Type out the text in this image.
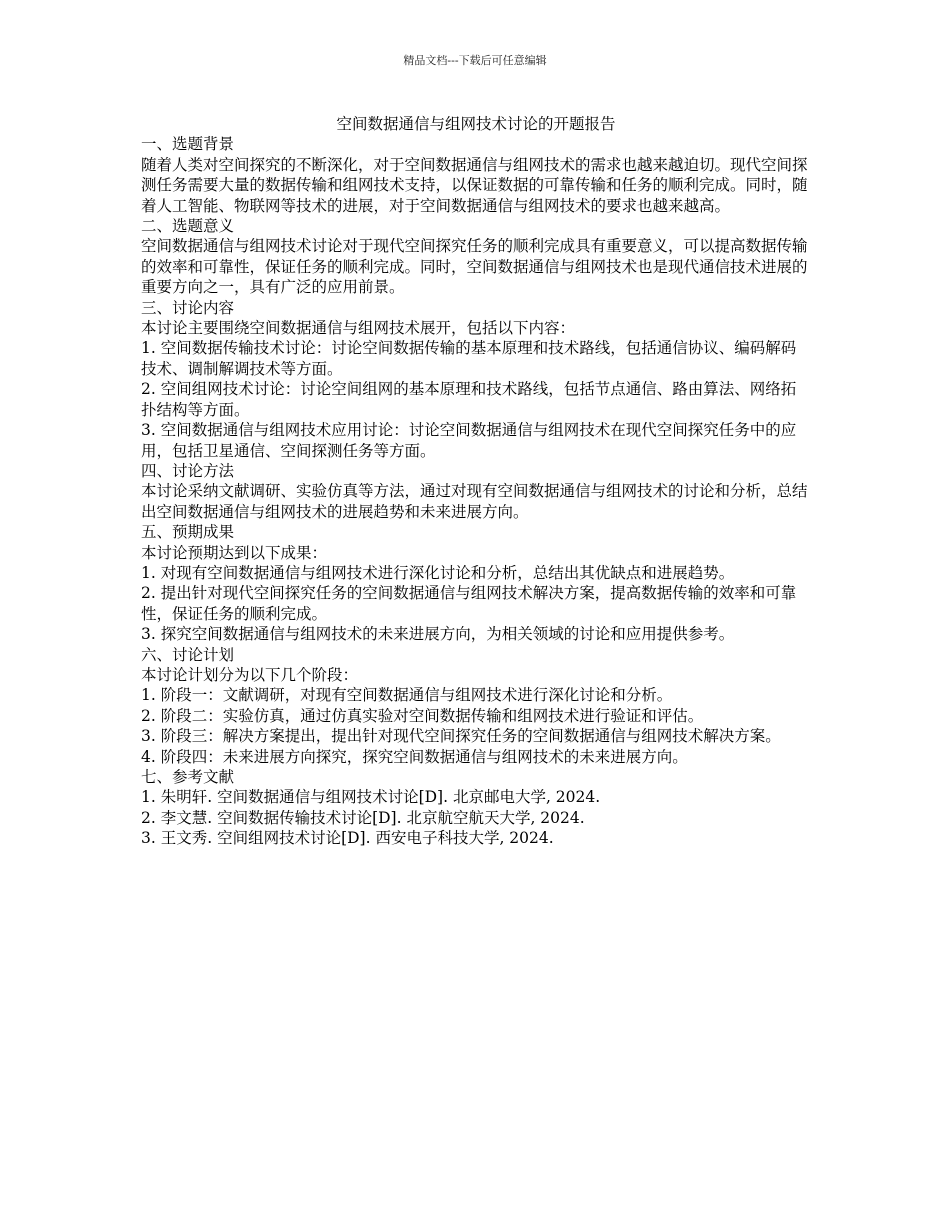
精品文档---下载后可任意编辑
空间数据通信与组网技术讨论的开题报告
一、选题背景
随着人类对空间探究的不断深化，对于空间数据通信与组网技术的需求也越来越迫切。现代空间探测任务需要大量的数据传输和组网技术支持，以保证数据的可靠传输和任务的顺利完成。同时，随着人工智能、物联网等技术的进展，对于空间数据通信与组网技术的要求也越来越高。
二、选题意义
空间数据通信与组网技术讨论对于现代空间探究任务的顺利完成具有重要意义，可以提高数据传输的效率和可靠性，保证任务的顺利完成。同时，空间数据通信与组网技术也是现代通信技术进展的重要方向之一，具有广泛的应用前景。
三、讨论内容
本讨论主要围绕空间数据通信与组网技术展开，包括以下内容：
1. 空间数据传输技术讨论：讨论空间数据传输的基本原理和技术路线，包括通信协议、编码解码技术、调制解调技术等方面。
2. 空间组网技术讨论：讨论空间组网的基本原理和技术路线，包括节点通信、路由算法、网络拓扑结构等方面。
3. 空间数据通信与组网技术应用讨论：讨论空间数据通信与组网技术在现代空间探究任务中的应用，包括卫星通信、空间探测任务等方面。
四、讨论方法
本讨论采纳文献调研、实验仿真等方法，通过对现有空间数据通信与组网技术的讨论和分析，总结出空间数据通信与组网技术的进展趋势和未来进展方向。
五、预期成果
本讨论预期达到以下成果：
1. 对现有空间数据通信与组网技术进行深化讨论和分析，总结出其优缺点和进展趋势。
2. 提出针对现代空间探究任务的空间数据通信与组网技术解决方案，提高数据传输的效率和可靠性，保证任务的顺利完成。
3. 探究空间数据通信与组网技术的未来进展方向，为相关领域的讨论和应用提供参考。
六、讨论计划
本讨论计划分为以下几个阶段：
1. 阶段一：文献调研，对现有空间数据通信与组网技术进行深化讨论和分析。
2. 阶段二：实验仿真，通过仿真实验对空间数据传输和组网技术进行验证和评估。
3. 阶段三：解决方案提出，提出针对现代空间探究任务的空间数据通信与组网技术解决方案。
4. 阶段四：未来进展方向探究，探究空间数据通信与组网技术的未来进展方向。
七、参考文献
1. 朱明轩. 空间数据通信与组网技术讨论[D]. 北京邮电大学, 2024.
2. 李文慧. 空间数据传输技术讨论[D]. 北京航空航天大学, 2024.
3. 王文秀. 空间组网技术讨论[D]. 西安电子科技大学, 2024.
